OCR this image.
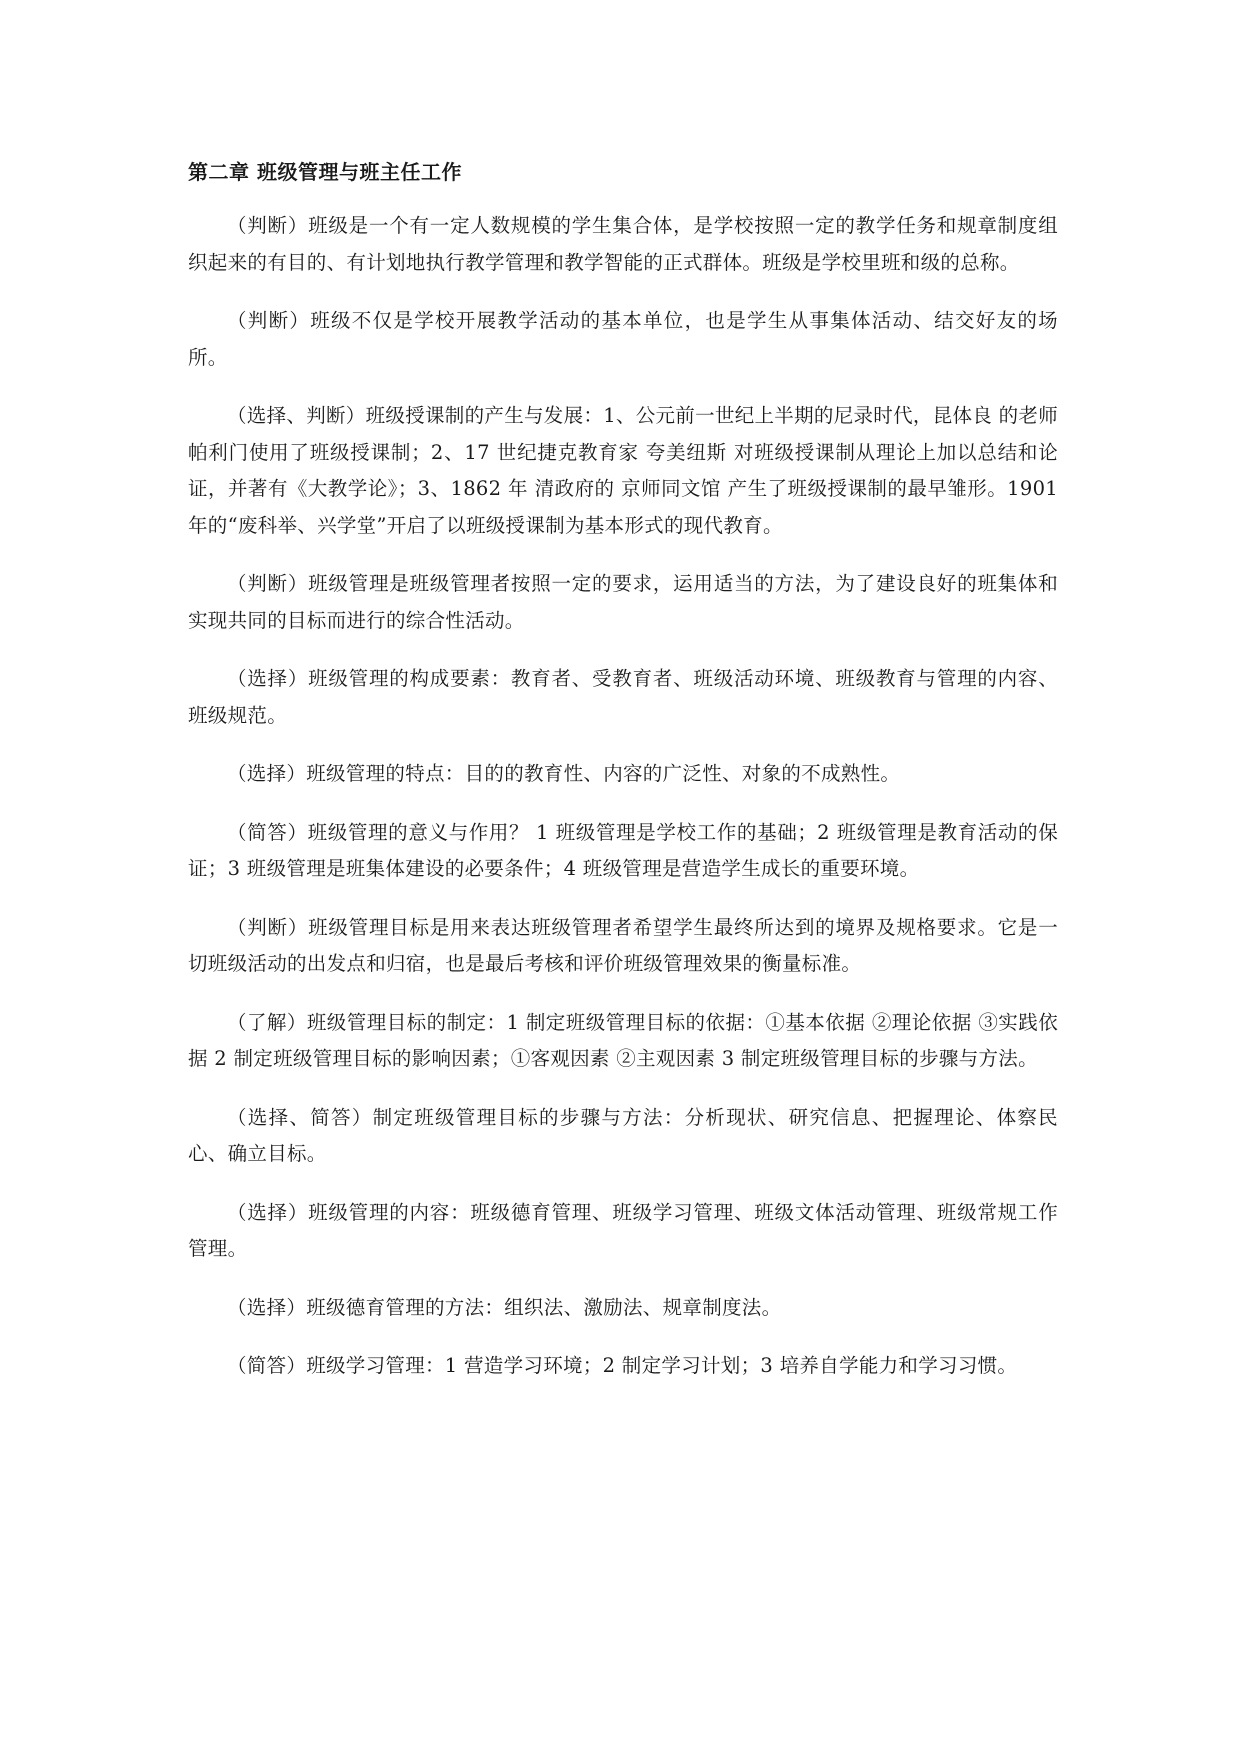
第二章 班级管理与班主任工作

（判断）班级是一个有一定人数规模的学生集合体，是学校按照一定的教学任务和规章制度组织起来的有目的、有计划地执行教学管理和教学智能的正式群体。班级是学校里班和级的总称。

（判断）班级不仅是学校开展教学活动的基本单位，也是学生从事集体活动、结交好友的场所。

（选择、判断）班级授课制的产生与发展：1、公元前一世纪上半期的尼录时代，昆体良 的老师 帕利门使用了班级授课制；2、17 世纪捷克教育家 夸美纽斯 对班级授课制从理论上加以总结和论证，并著有《大教学论》；3、1862 年 清政府的 京师同文馆 产生了班级授课制的最早雏形。1901 年的“废科举、兴学堂”开启了以班级授课制为基本形式的现代教育。

（判断）班级管理是班级管理者按照一定的要求，运用适当的方法，为了建设良好的班集体和实现共同的目标而进行的综合性活动。

（选择）班级管理的构成要素：教育者、受教育者、班级活动环境、班级教育与管理的内容、班级规范。

（选择）班级管理的特点：目的的教育性、内容的广泛性、对象的不成熟性。

（简答）班级管理的意义与作用？ 1 班级管理是学校工作的基础；2 班级管理是教育活动的保证；3 班级管理是班集体建设的必要条件；4 班级管理是营造学生成长的重要环境。

（判断）班级管理目标是用来表达班级管理者希望学生最终所达到的境界及规格要求。它是一切班级活动的出发点和归宿，也是最后考核和评价班级管理效果的衡量标准。

（了解）班级管理目标的制定：1 制定班级管理目标的依据：①基本依据 ②理论依据 ③实践依据 2 制定班级管理目标的影响因素；①客观因素 ②主观因素 3 制定班级管理目标的步骤与方法。

（选择、简答）制定班级管理目标的步骤与方法：分析现状、研究信息、把握理论、体察民心、确立目标。

（选择）班级管理的内容：班级德育管理、班级学习管理、班级文体活动管理、班级常规工作管理。

（选择）班级德育管理的方法：组织法、激励法、规章制度法。

（简答）班级学习管理：1 营造学习环境；2 制定学习计划；3 培养自学能力和学习习惯。
